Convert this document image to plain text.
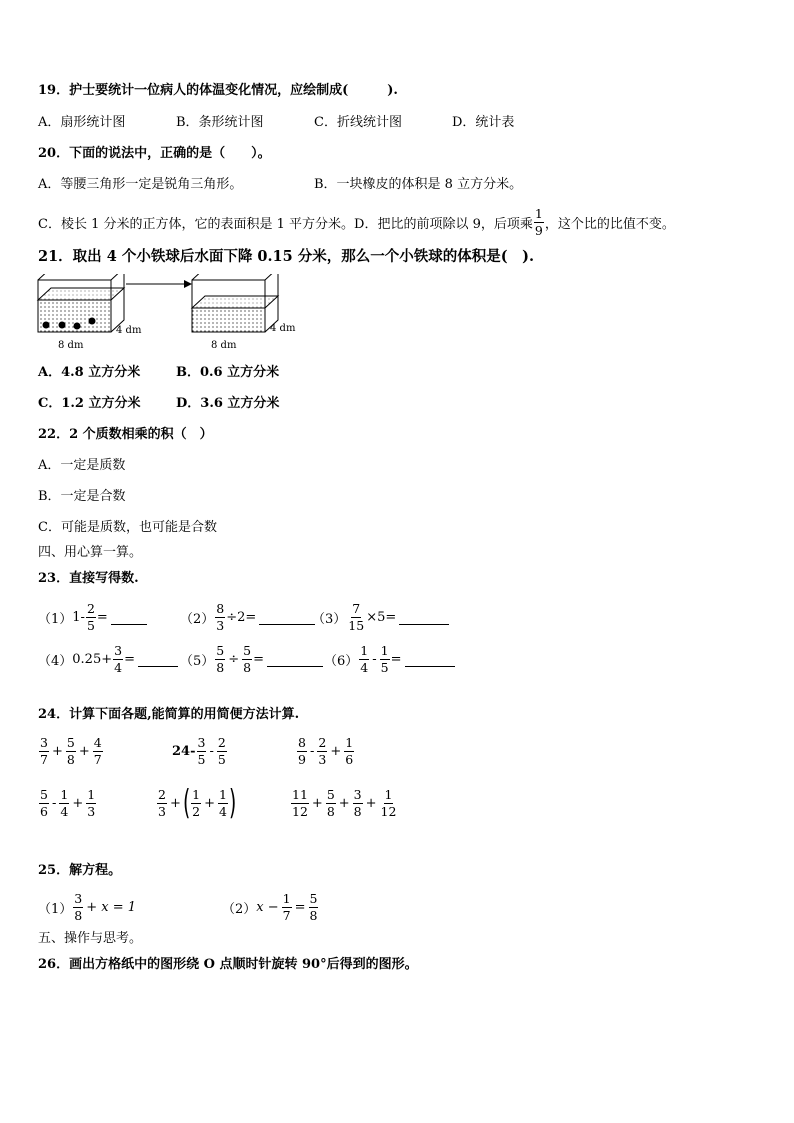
19．护士要统计一位病人的体温变化情况，应绘制成(　　　).
A．扇形统计图	B．条形统计图	C．折线统计图	D．统计表
20．下面的说法中，正确的是（　　）。
A．等腰三角形一定是锐角三角形。	B．一块橡皮的体积是 8 立方分米。
C．棱长 1 分米的正方体，它的表面积是 1 平方分米。D．把比的前项除以 9，后项乘 $\frac{1}{9}$ ，这个比的比值不变。
21．取出 4 个小铁球后水面下降 0.15 分米，那么一个小铁球的体积是(　).
4 dm
8 dm
4 dm
8 dm
A．4.8 立方分米	B．0.6 立方分米
C．1.2 立方分米	D．3.6 立方分米
22．2 个质数相乘的积（　）
A．一定是质数
B．一定是合数
C．可能是质数，也可能是合数
四、用心算一算。
23．直接写得数.
（1） $1- \frac{2}{5}$ =	$(2) \frac{8}{3} \div 2=$	$(3) \frac{7}{15} \times 5=$
（4） $0.25+ \frac{3}{4}$ =	$(5) \frac{5}{8} \div \frac{5}{8}$ =	$(6) \frac{1}{4} - \frac{1}{5}$ =
24．计算下面各题,能简算的用简便方法计算.
$\frac{3}{7} + \frac{5}{8} + \frac{4}{7}$	$24- \frac{3}{5} - \frac{2}{5}$	$\frac{8}{9} - \frac{2}{3} + \frac{1}{6}$
$\frac{5}{6} - \frac{1}{4} + \frac{1}{3}$	$\frac{2}{3}$ + ( $\frac{1}{2} + \frac{1}{4}$ )	$\frac{11}{12} + \frac{5}{8} + \frac{3}{8} + \frac{1}{12}$
25．解方程。
$(1) \frac{3}{8} + x = 1$	（2） $x - \frac{1}{7} = \frac{5}{8}$
五、操作与思考。
26．画出方格纸中的图形绕 O 点顺时针旋转 90°后得到的图形。
